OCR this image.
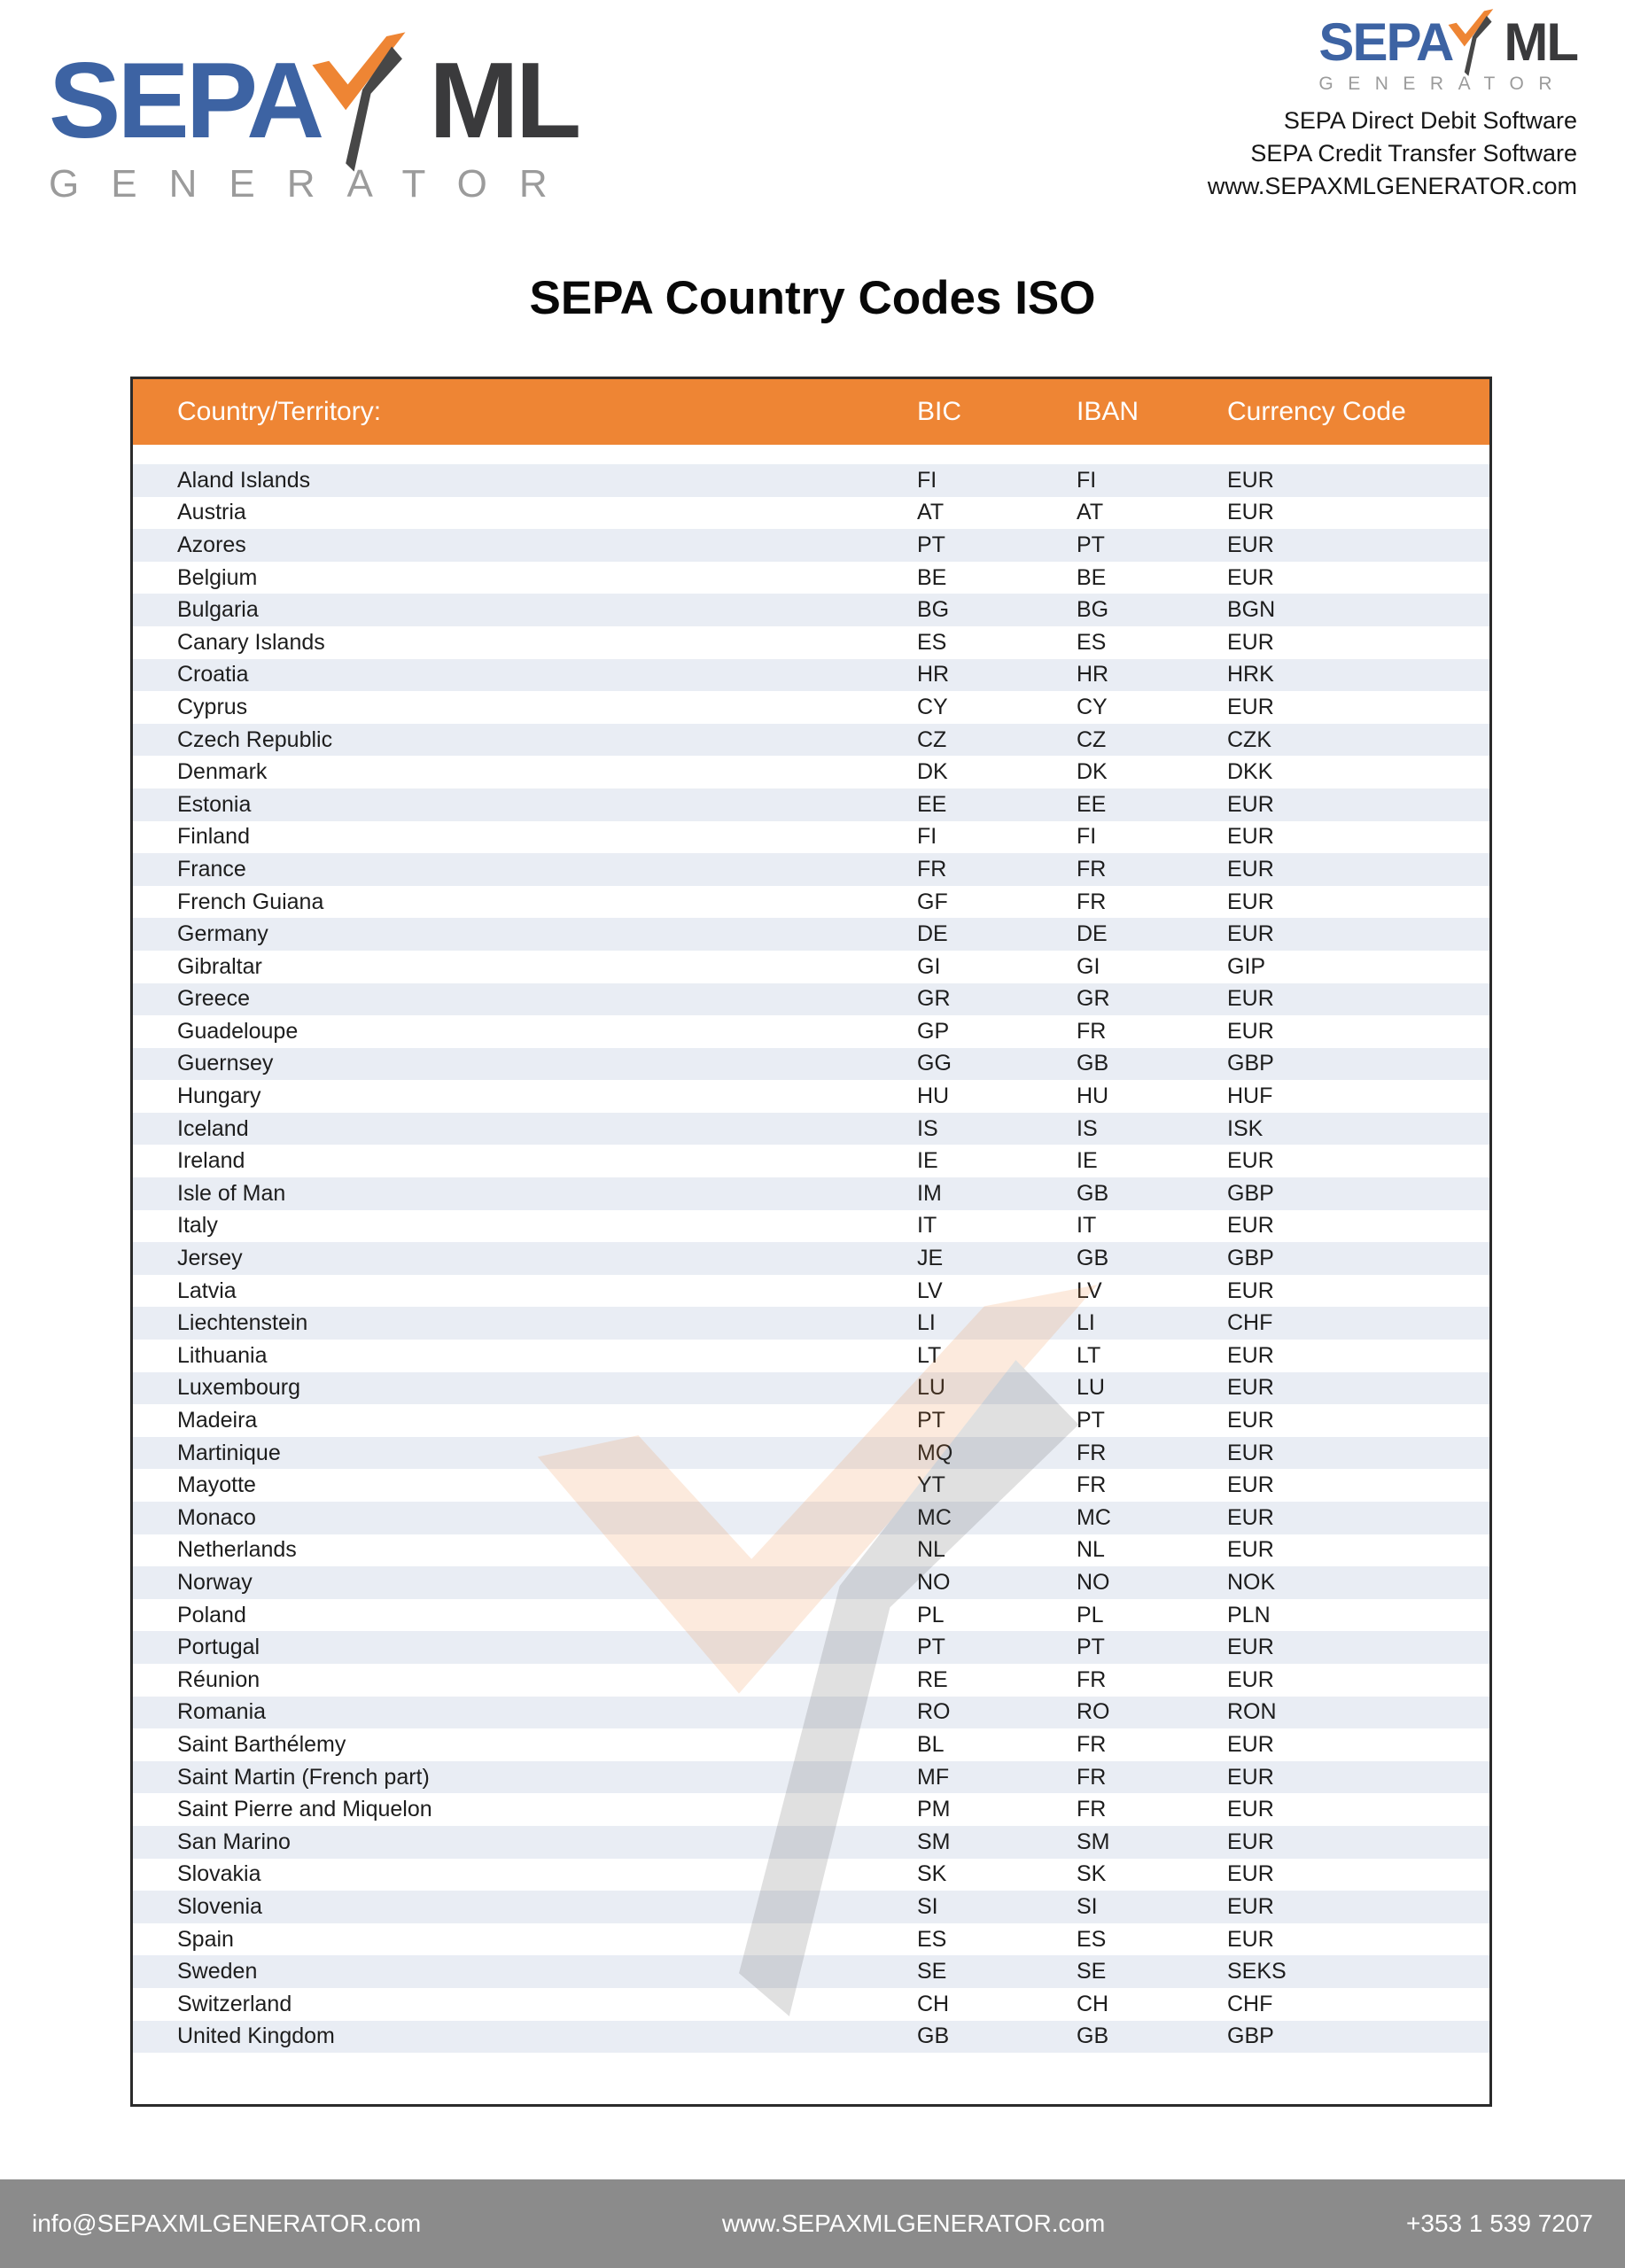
SEPA ML
GENERATOR
SEPA ML
GENERATOR
SEPA Direct Debit Software
SEPA Credit Transfer Software
www.SEPAXMLGENERATOR.com
SEPA Country Codes ISO
Country/Territory:	BIC	IBAN	Currency Code
Aland Islands	FI	FI	EUR
Austria	AT	AT	EUR
Azores	PT	PT	EUR
Belgium	BE	BE	EUR
Bulgaria	BG	BG	BGN
Canary Islands	ES	ES	EUR
Croatia	HR	HR	HRK
Cyprus	CY	CY	EUR
Czech Republic	CZ	CZ	CZK
Denmark	DK	DK	DKK
Estonia	EE	EE	EUR
Finland	FI	FI	EUR
France	FR	FR	EUR
French Guiana	GF	FR	EUR
Germany	DE	DE	EUR
Gibraltar	GI	GI	GIP
Greece	GR	GR	EUR
Guadeloupe	GP	FR	EUR
Guernsey	GG	GB	GBP
Hungary	HU	HU	HUF
Iceland	IS	IS	ISK
Ireland	IE	IE	EUR
Isle of Man	IM	GB	GBP
Italy	IT	IT	EUR
Jersey	JE	GB	GBP
Latvia	LV	LV	EUR
Liechtenstein	LI	LI	CHF
Lithuania	LT	LT	EUR
Luxembourg	LU	LU	EUR
Madeira	PT	PT	EUR
Martinique	MQ	FR	EUR
Mayotte	YT	FR	EUR
Monaco	MC	MC	EUR
Netherlands	NL	NL	EUR
Norway	NO	NO	NOK
Poland	PL	PL	PLN
Portugal	PT	PT	EUR
Réunion	RE	FR	EUR
Romania	RO	RO	RON
Saint Barthélemy	BL	FR	EUR
Saint Martin (French part)	MF	FR	EUR
Saint Pierre and Miquelon	PM	FR	EUR
San Marino	SM	SM	EUR
Slovakia	SK	SK	EUR
Slovenia	SI	SI	EUR
Spain	ES	ES	EUR
Sweden	SE	SE	SEKS
Switzerland	CH	CH	CHF
United Kingdom	GB	GB	GBP
info@SEPAXMLGENERATOR.com	www.SEPAXMLGENERATOR.com	+353 1 539 7207
